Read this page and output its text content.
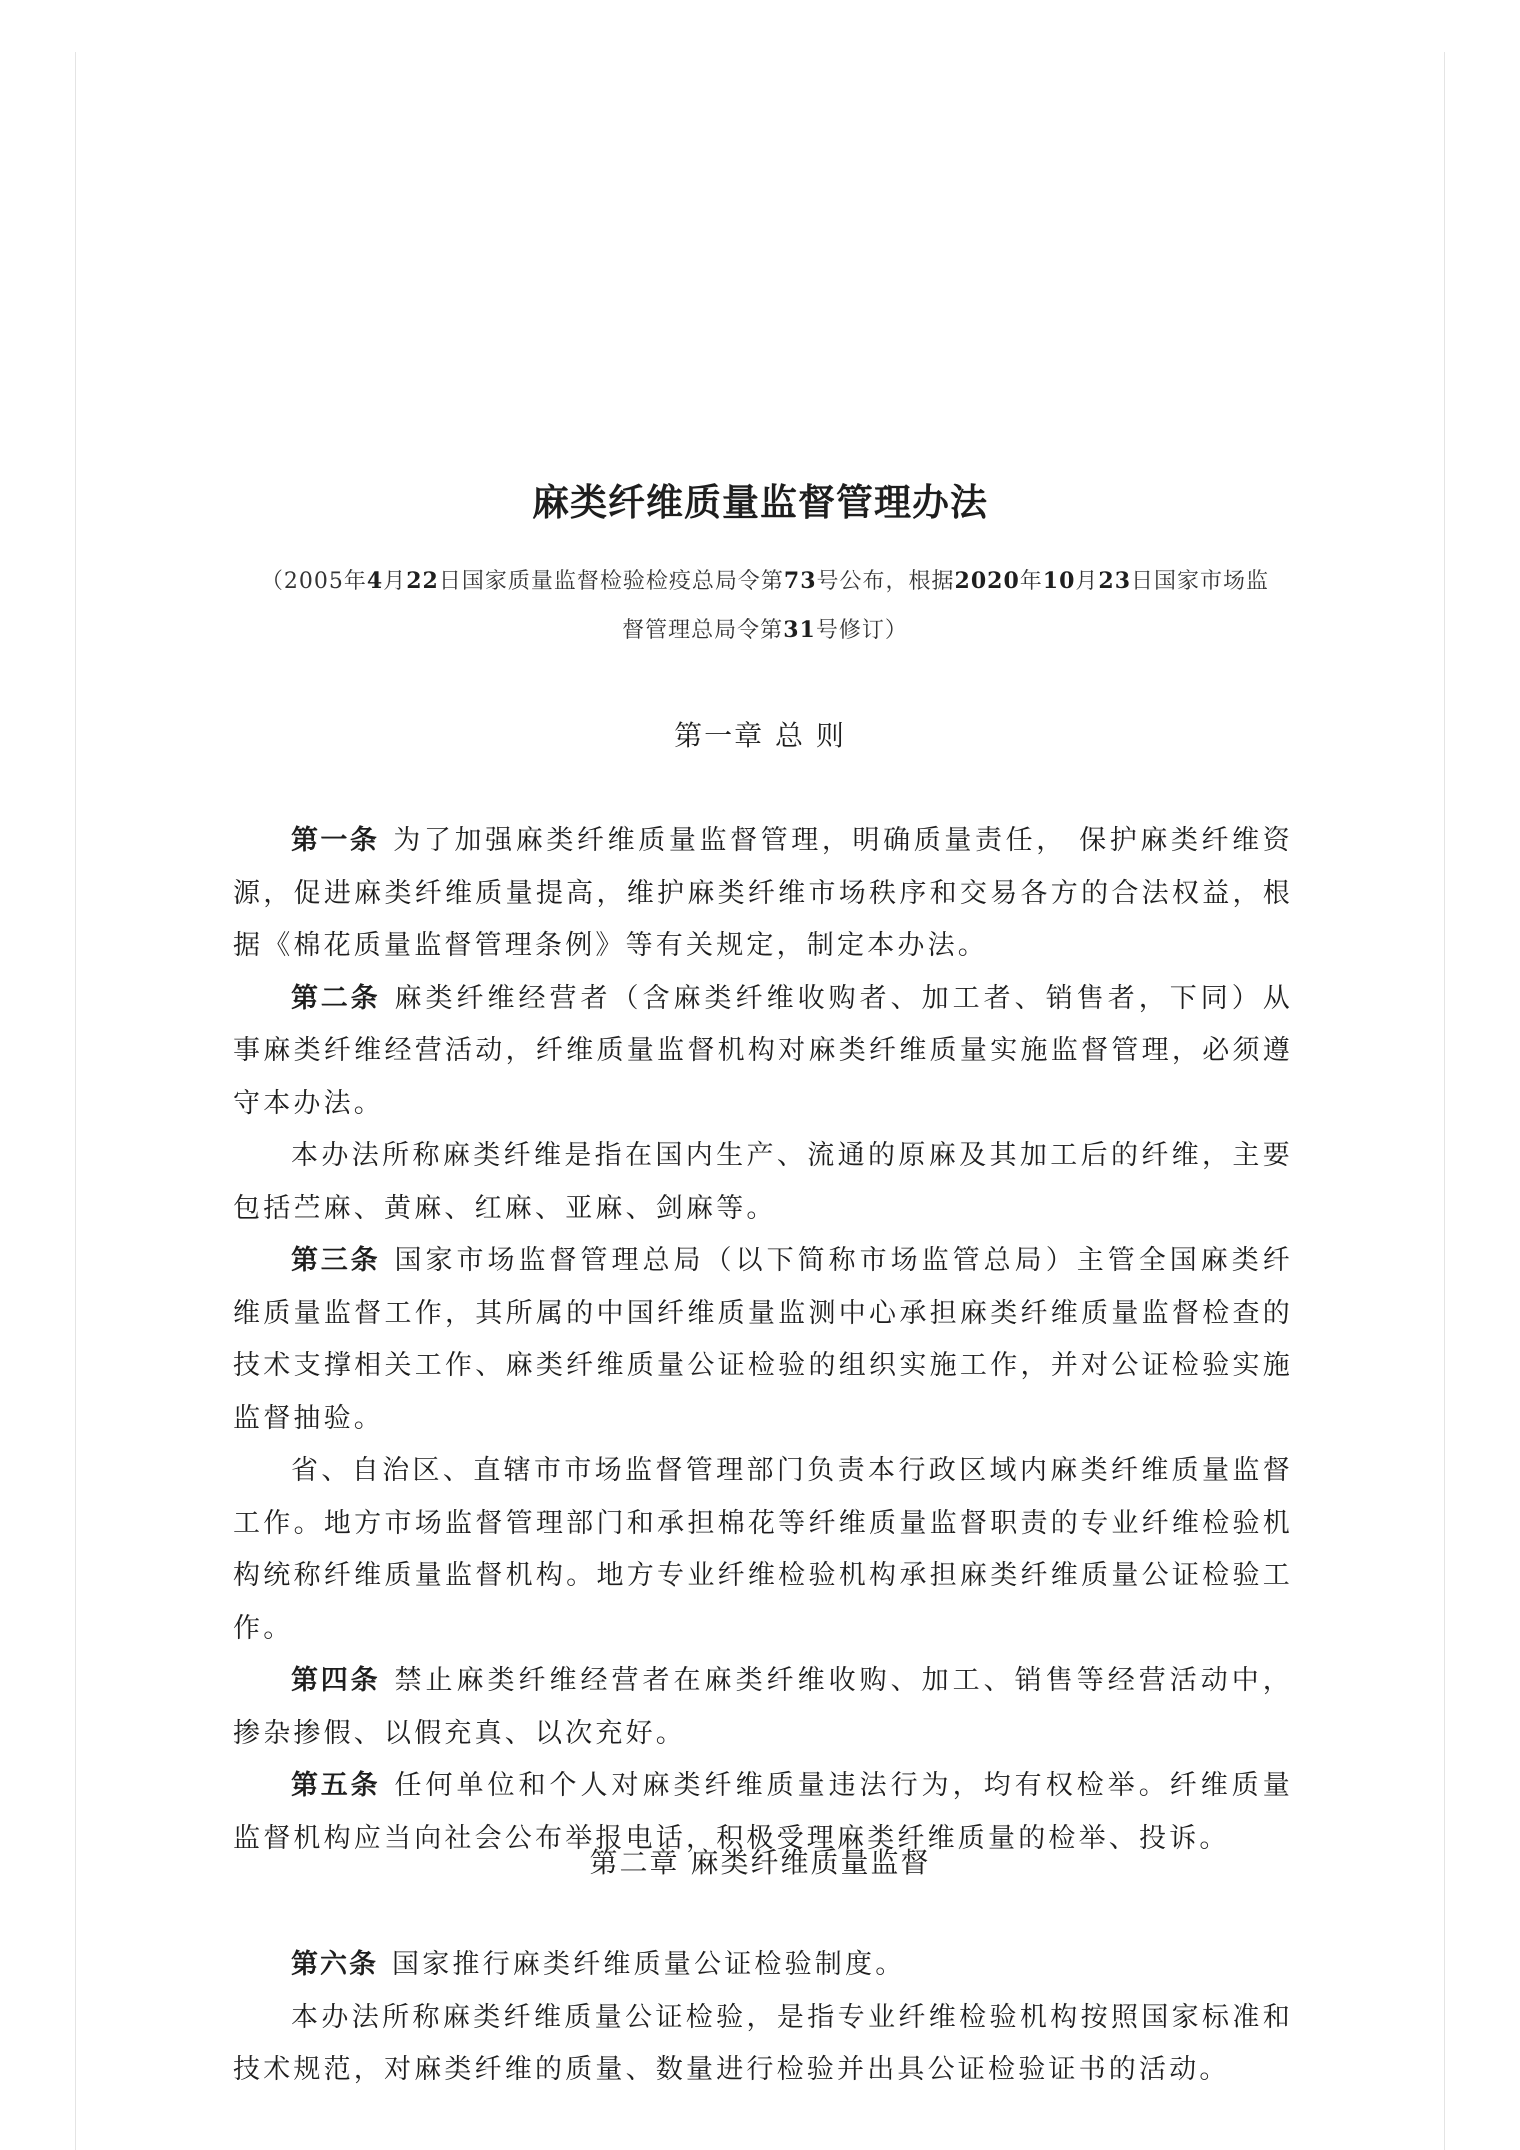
麻类纤维质量监督管理办法
（2005年4月22日国家质量监督检验检疫总局令第73号公布，根据2020年10月23日国家市场监
督管理总局令第31号修订）
第一章 总 则

第一条 为了加强麻类纤维质量监督管理，明确质量责任， 保护麻类纤维资源，促进麻类纤维质量提高，维护麻类纤维市场秩序和交易各方的合法权益，根据《棉花质量监督管理条例》等有关规定，制定本办法。

第二条 麻类纤维经营者（含麻类纤维收购者、加工者、销售者，下同）从事麻类纤维经营活动，纤维质量监督机构对麻类纤维质量实施监督管理，必须遵守本办法。

本办法所称麻类纤维是指在国内生产、流通的原麻及其加工后的纤维，主要包括苎麻、黄麻、红麻、亚麻、剑麻等。

第三条 国家市场监督管理总局（以下简称市场监管总局）主管全国麻类纤维质量监督工作，其所属的中国纤维质量监测中心承担麻类纤维质量监督检查的技术支撑相关工作、麻类纤维质量公证检验的组织实施工作，并对公证检验实施监督抽验。

省、自治区、直辖市市场监督管理部门负责本行政区域内麻类纤维质量监督工作。地方市场监督管理部门和承担棉花等纤维质量监督职责的专业纤维检验机构统称纤维质量监督机构。地方专业纤维检验机构承担麻类纤维质量公证检验工作。

第四条 禁止麻类纤维经营者在麻类纤维收购、加工、销售等经营活动中，掺杂掺假、以假充真、以次充好。

第五条 任何单位和个人对麻类纤维质量违法行为，均有权检举。纤维质量监督机构应当向社会公布举报电话，积极受理麻类纤维质量的检举、投诉。

第二章 麻类纤维质量监督

第六条 国家推行麻类纤维质量公证检验制度。

本办法所称麻类纤维质量公证检验，是指专业纤维检验机构按照国家标准和技术规范，对麻类纤维的质量、数量进行检验并出具公证检验证书的活动。
